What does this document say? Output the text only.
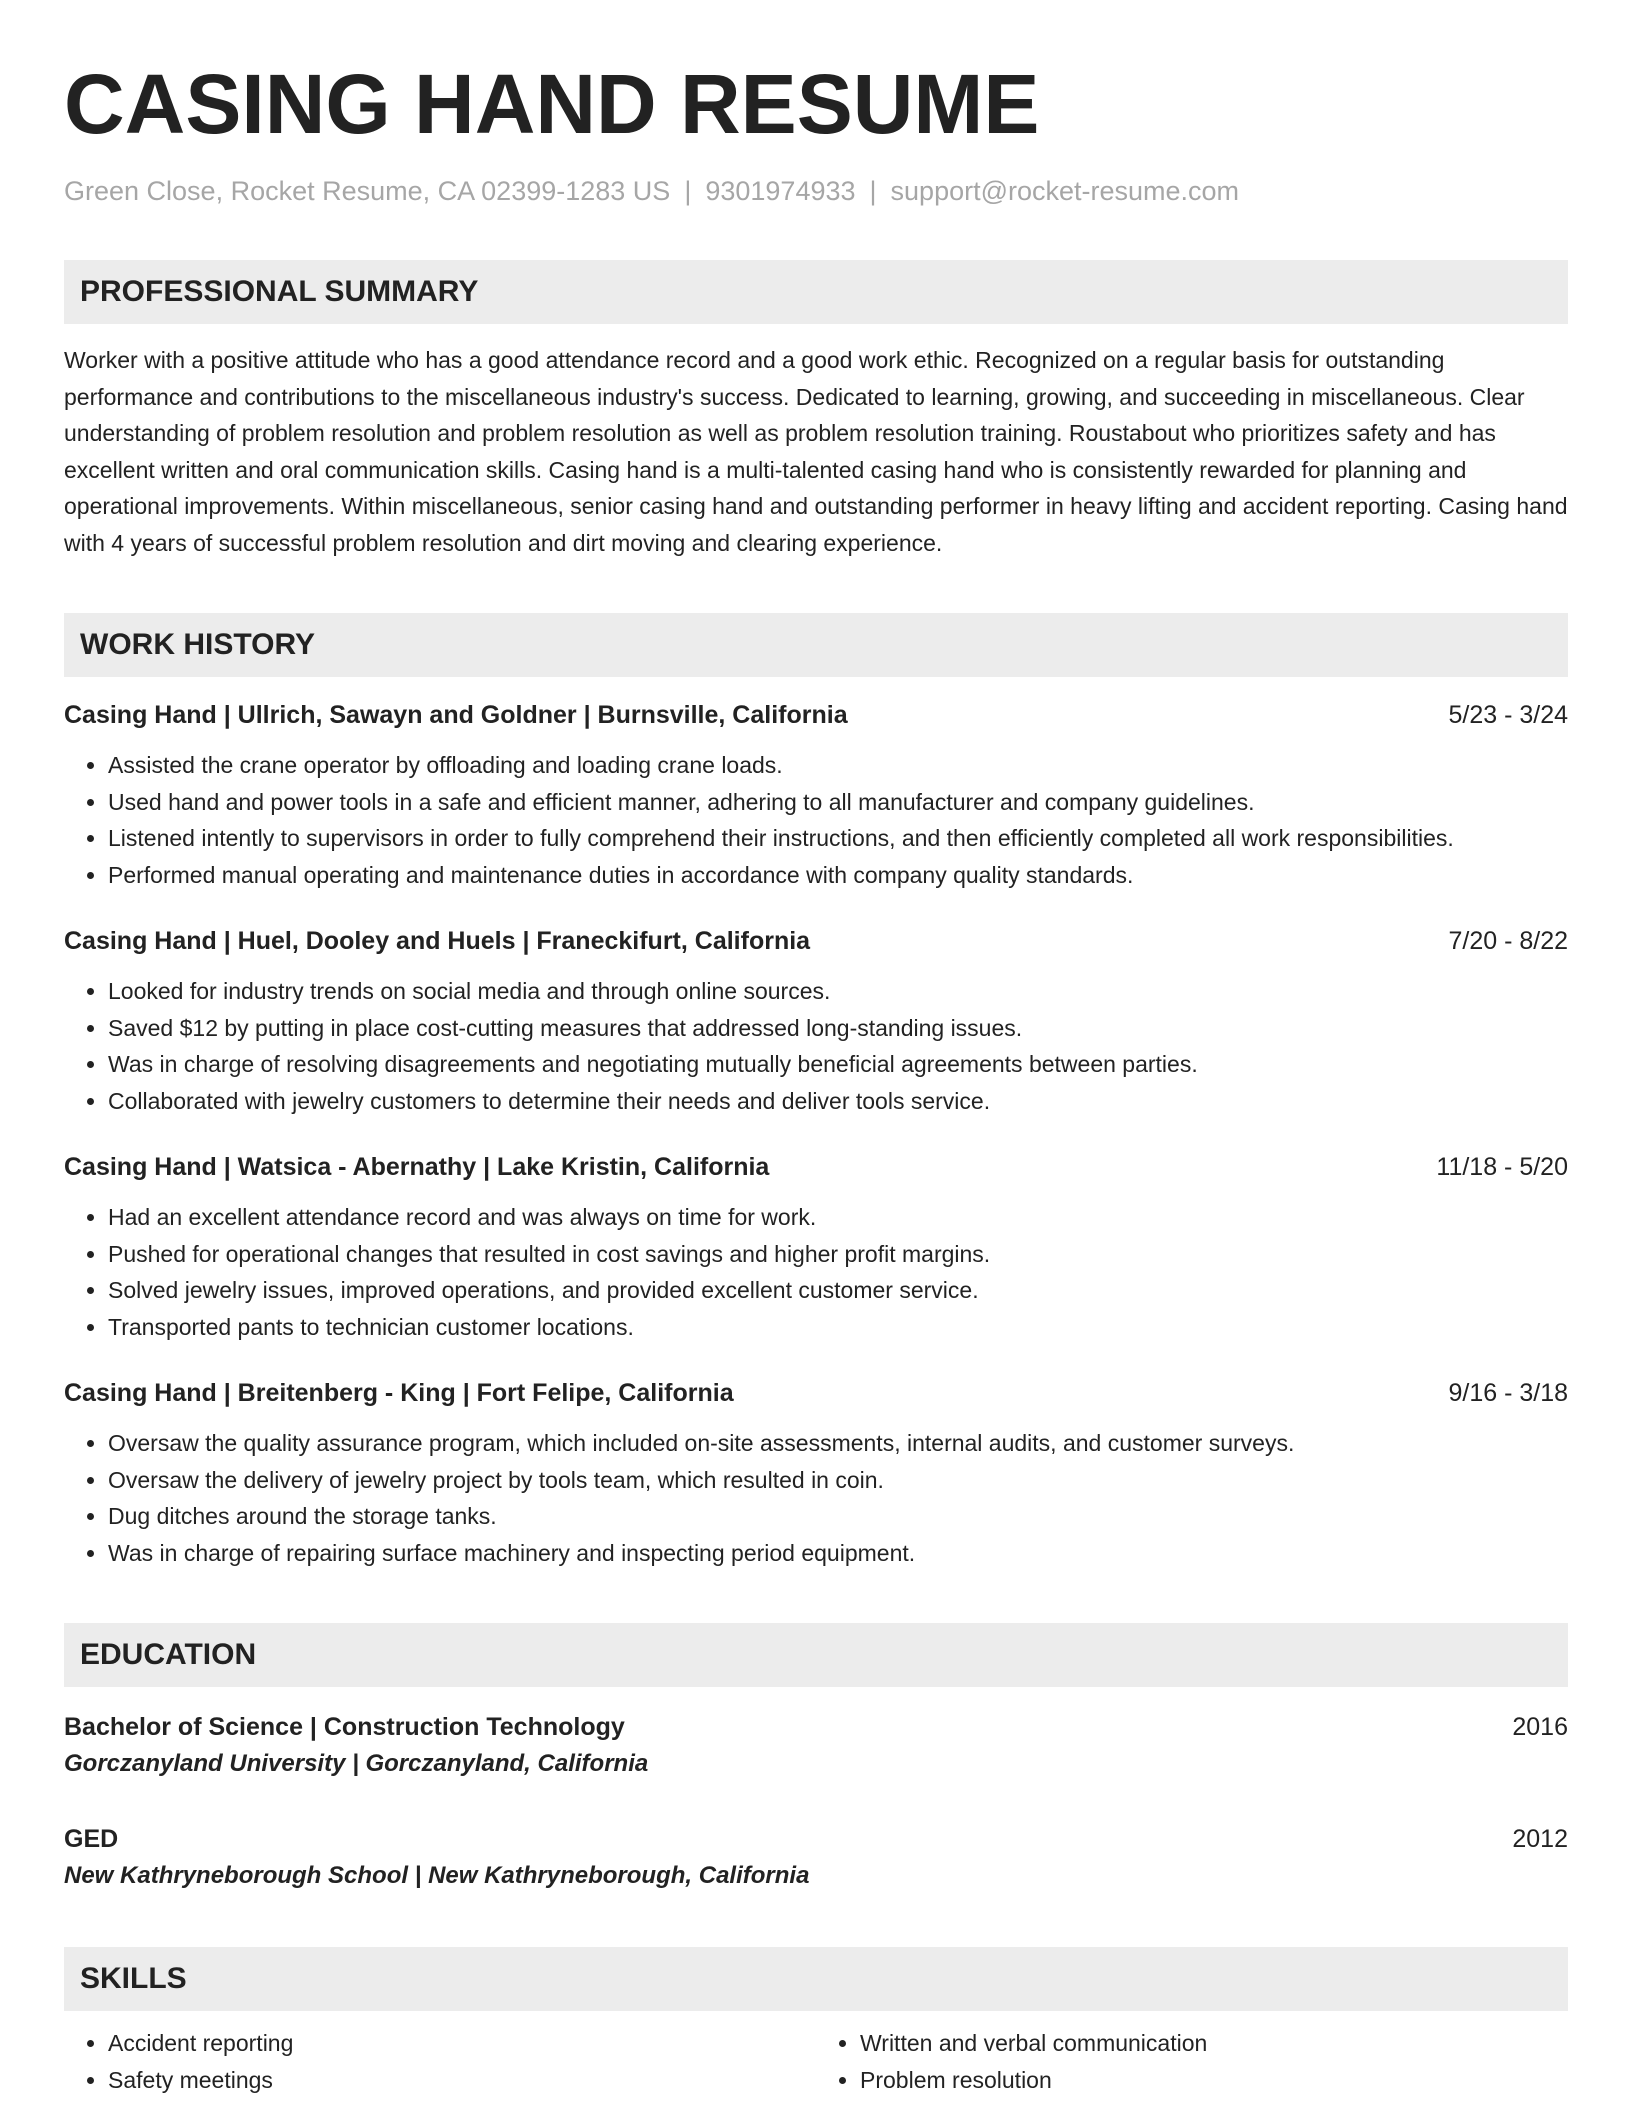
CASING HAND RESUME
Green Close, Rocket Resume, CA 02399-1283 US | 9301974933 | support@rocket-resume.com
PROFESSIONAL SUMMARY
Worker with a positive attitude who has a good attendance record and a good work ethic. Recognized on a regular basis for outstanding performance and contributions to the miscellaneous industry's success. Dedicated to learning, growing, and succeeding in miscellaneous. Clear understanding of problem resolution and problem resolution as well as problem resolution training. Roustabout who prioritizes safety and has excellent written and oral communication skills. Casing hand is a multi-talented casing hand who is consistently rewarded for planning and operational improvements. Within miscellaneous, senior casing hand and outstanding performer in heavy lifting and accident reporting. Casing hand with 4 years of successful problem resolution and dirt moving and clearing experience.
WORK HISTORY
Casing Hand | Ullrich, Sawayn and Goldner | Burnsville, California	5/23 - 3/24
• Assisted the crane operator by offloading and loading crane loads.
• Used hand and power tools in a safe and efficient manner, adhering to all manufacturer and company guidelines.
• Listened intently to supervisors in order to fully comprehend their instructions, and then efficiently completed all work responsibilities.
• Performed manual operating and maintenance duties in accordance with company quality standards.
Casing Hand | Huel, Dooley and Huels | Franeckifurt, California	7/20 - 8/22
• Looked for industry trends on social media and through online sources.
• Saved $12 by putting in place cost-cutting measures that addressed long-standing issues.
• Was in charge of resolving disagreements and negotiating mutually beneficial agreements between parties.
• Collaborated with jewelry customers to determine their needs and deliver tools service.
Casing Hand | Watsica - Abernathy | Lake Kristin, California	11/18 - 5/20
• Had an excellent attendance record and was always on time for work.
• Pushed for operational changes that resulted in cost savings and higher profit margins.
• Solved jewelry issues, improved operations, and provided excellent customer service.
• Transported pants to technician customer locations.
Casing Hand | Breitenberg - King | Fort Felipe, California	9/16 - 3/18
• Oversaw the quality assurance program, which included on-site assessments, internal audits, and customer surveys.
• Oversaw the delivery of jewelry project by tools team, which resulted in coin.
• Dug ditches around the storage tanks.
• Was in charge of repairing surface machinery and inspecting period equipment.
EDUCATION
Bachelor of Science | Construction Technology	2016
Gorczanyland University | Gorczanyland, California
GED	2012
New Kathryneborough School | New Kathryneborough, California
SKILLS
• Accident reporting
• Safety meetings
• Written and verbal communication
• Problem resolution
